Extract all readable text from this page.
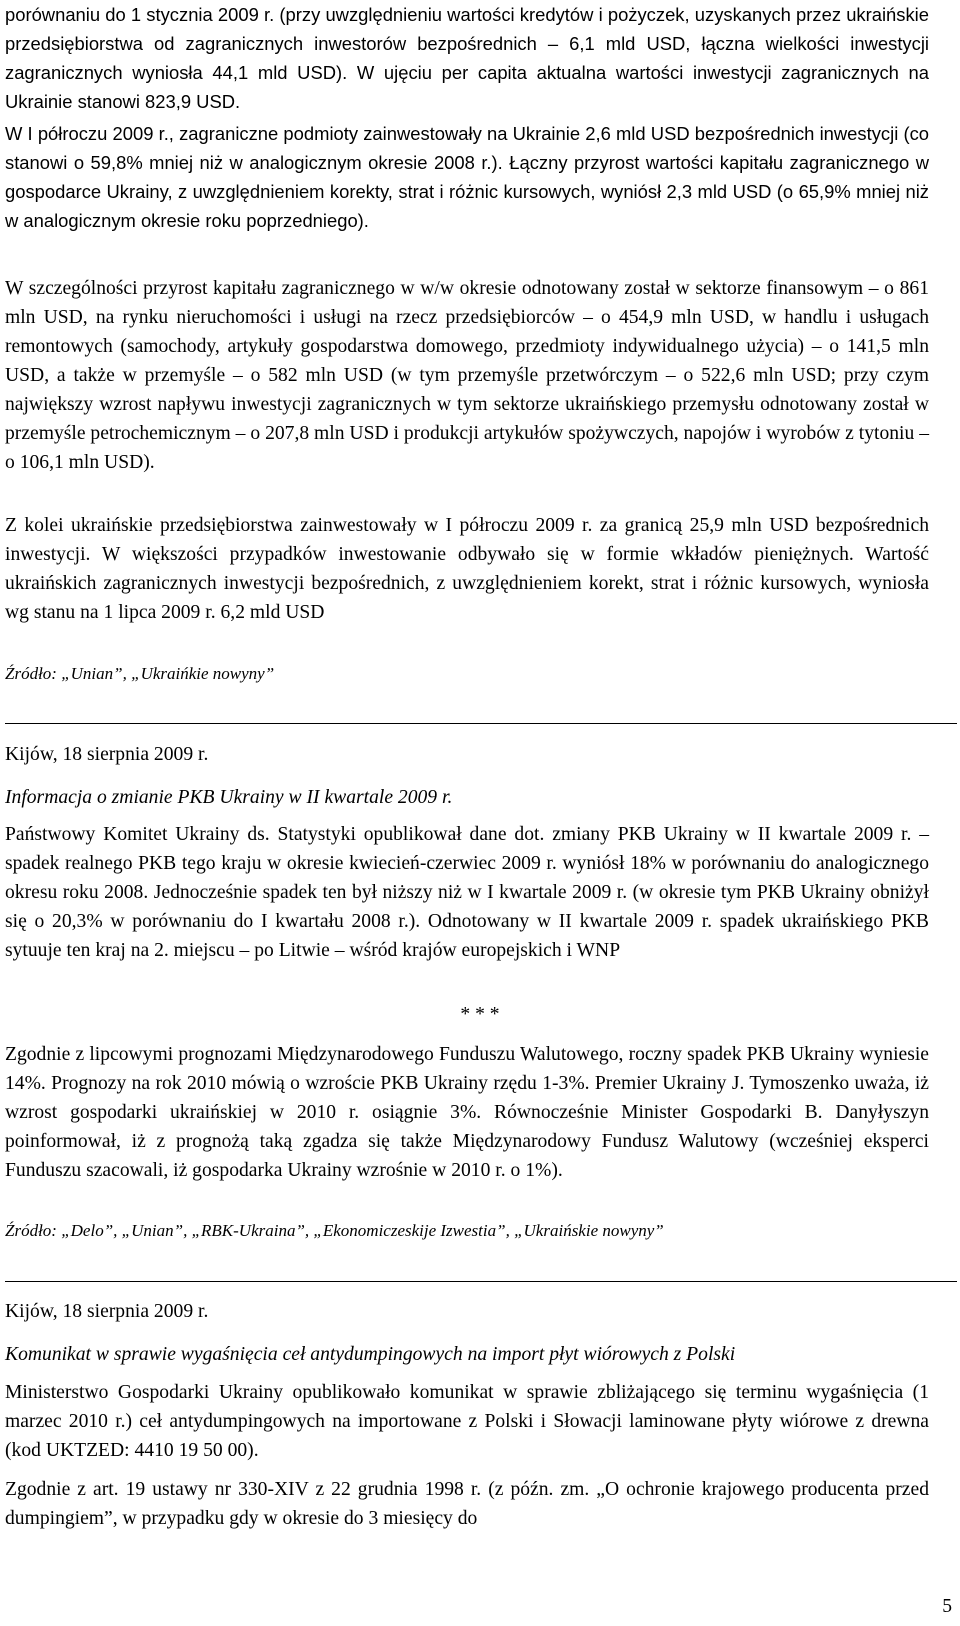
porównaniu do 1 stycznia 2009 r. (przy uwzględnieniu wartości kredytów i pożyczek, uzyskanych przez ukraińskie przedsiębiorstwa od zagranicznych inwestorów bezpośrednich – 6,1 mld USD, łączna wielkości inwestycji zagranicznych wyniosła 44,1 mld USD). W ujęciu per capita aktualna wartości inwestycji zagranicznych na Ukrainie stanowi 823,9 USD.

W I półroczu 2009 r., zagraniczne podmioty zainwestowały na Ukrainie 2,6 mld USD bezpośrednich inwestycji (co stanowi o 59,8% mniej niż w analogicznym okresie 2008 r.). Łączny przyrost wartości kapitału zagranicznego w gospodarce Ukrainy, z uwzględnieniem korekty, strat i różnic kursowych, wyniósł 2,3 mld USD (o 65,9% mniej niż w analogicznym okresie roku poprzedniego).

W szczególności przyrost kapitału zagranicznego w w/w okresie odnotowany został w sektorze finansowym – o 861 mln USD, na rynku nieruchomości i usługi na rzecz przedsiębiorców – o 454,9 mln USD, w handlu i usługach remontowych (samochody, artykuły gospodarstwa domowego, przedmioty indywidualnego użycia) – o 141,5 mln USD, a także w przemyśle – o 582 mln USD (w tym przemyśle przetwórczym – o 522,6 mln USD; przy czym największy wzrost napływu inwestycji zagranicznych w tym sektorze ukraińskiego przemysłu odnotowany został w przemyśle petrochemicznym – o 207,8 mln USD i produkcji artykułów spożywczych, napojów i wyrobów z tytoniu – o 106,1 mln USD).

Z kolei ukraińskie przedsiębiorstwa zainwestowały w I półroczu 2009 r. za granicą 25,9 mln USD bezpośrednich inwestycji. W większości przypadków inwestowanie odbywało się w formie wkładów pieniężnych. Wartość ukraińskich zagranicznych inwestycji bezpośrednich, z uwzględnieniem korekt, strat i różnic kursowych, wyniosła wg stanu na 1 lipca 2009 r. 6,2 mld USD

Źródło: „Unian”, „Ukraińkie nowyny”

Kijów, 18 sierpnia 2009 r.

Informacja o zmianie PKB Ukrainy w II kwartale 2009 r.

Państwowy Komitet Ukrainy ds. Statystyki opublikował dane dot. zmiany PKB Ukrainy w II kwartale 2009 r. – spadek realnego PKB tego kraju w okresie kwiecień-czerwiec 2009 r. wyniósł 18% w porównaniu do analogicznego okresu roku 2008. Jednocześnie spadek ten był niższy niż w I kwartale 2009 r. (w okresie tym PKB Ukrainy obniżył się o 20,3% w porównaniu do I kwartału 2008 r.). Odnotowany w II kwartale 2009 r. spadek ukraińskiego PKB sytuuje ten kraj na 2. miejscu – po Litwie – wśród krajów europejskich i WNP

* * *

Zgodnie z lipcowymi prognozami Międzynarodowego Funduszu Walutowego, roczny spadek PKB Ukrainy wyniesie 14%. Prognozy na rok 2010 mówią o wzroście PKB Ukrainy rzędu 1-3%. Premier Ukrainy J. Tymoszenko uważa, iż wzrost gospodarki ukraińskiej w 2010 r. osiągnie 3%. Równocześnie Minister Gospodarki B. Danyłyszyn poinformował, iż z prognożą taką zgadza się także Międzynarodowy Fundusz Walutowy (wcześniej eksperci Funduszu szacowali, iż gospodarka Ukrainy wzrośnie w 2010 r. o 1%).

Źródło: „Delo”, „Unian”, „RBK-Ukraina”, „Ekonomiczeskije Izwestia”, „Ukraińskie nowyny”

Kijów, 18 sierpnia 2009 r.

Komunikat w sprawie wygaśnięcia ceł antydumpingowych na import płyt wiórowych z Polski

Ministerstwo Gospodarki Ukrainy opublikowało komunikat w sprawie zbliżającego się terminu wygaśnięcia (1 marzec 2010 r.) ceł antydumpingowych na importowane z Polski i Słowacji laminowane płyty wiórowe z drewna (kod UKTZED: 4410 19 50 00).

Zgodnie z art. 19 ustawy nr 330-XIV z 22 grudnia 1998 r. (z późn. zm. „O ochronie krajowego producenta przed dumpingiem”, w przypadku gdy w okresie do 3 miesięcy do

5
